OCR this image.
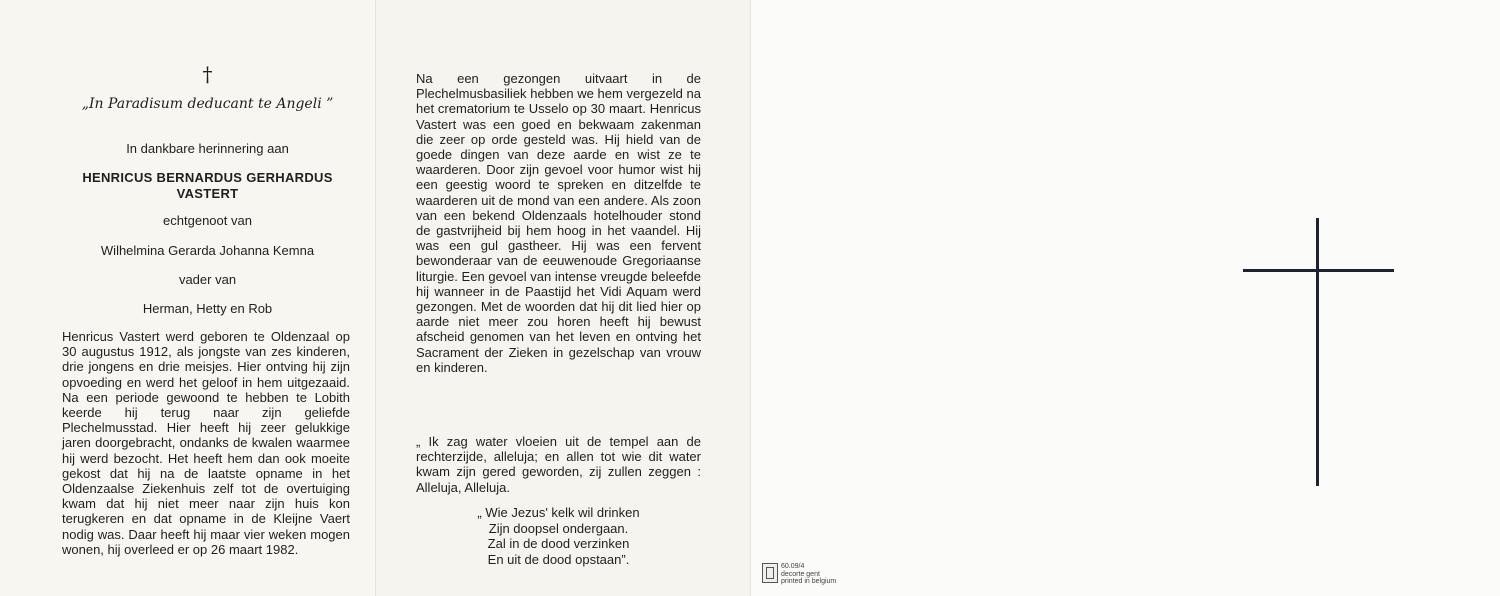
†
„In Paradisum deducant te Angeli ”
In dankbare herinnering aan
HENRICUS BERNARDUS GERHARDUS
VASTERT
echtgenoot van
Wilhelmina Gerarda Johanna Kemna
vader van
Herman, Hetty en Rob

Henricus Vastert werd geboren te Oldenzaal op 30 augustus 1912, als jongste van zes kinderen, drie jongens en drie meisjes. Hier ontving hij zijn opvoeding en werd het geloof in hem uitgezaaid. Na een periode gewoond te hebben te Lobith keerde hij terug naar zijn geliefde Plechelmusstad. Hier heeft hij zeer gelukkige jaren doorgebracht, ondanks de kwalen waarmee hij werd bezocht. Het heeft hem dan ook moeite gekost dat hij na de laatste opname in het Oldenzaalse Ziekenhuis zelf tot de overtuiging kwam dat hij niet meer naar zijn huis kon terugkeren en dat opname in de Kleijne Vaert nodig was. Daar heeft hij maar vier weken mogen wonen, hij overleed er op 26 maart 1982.

Na een gezongen uitvaart in de Plechelmusbasiliek hebben we hem vergezeld na het crematorium te Usselo op 30 maart. Henricus Vastert was een goed en bekwaam zakenman die zeer op orde gesteld was. Hij hield van de goede dingen van deze aarde en wist ze te waarderen. Door zijn gevoel voor humor wist hij een geestig woord te spreken en ditzelfde te waarderen uit de mond van een andere. Als zoon van een bekend Oldenzaals hotelhouder stond de gastvrijheid bij hem hoog in het vaandel. Hij was een gul gastheer. Hij was een fervent bewonderaar van de eeuwenoude Gregoriaanse liturgie. Een gevoel van intense vreugde beleefde hij wanneer in de Paastijd het Vidi Aquam werd gezongen. Met de woorden dat hij dit lied hier op aarde niet meer zou horen heeft hij bewust afscheid genomen van het leven en ontving het Sacrament der Zieken in gezelschap van vrouw en kinderen.

„ Ik zag water vloeien uit de tempel aan de rechterzijde, alleluja; en allen tot wie dit water kwam zijn gered geworden, zij zullen zeggen : Alleluja, Alleluja.

„ Wie Jezus' kelk wil drinken
Zijn doopsel ondergaan.
Zal in de dood verzinken
En uit de dood opstaan”.	60.09/4
decorte gent
printed in belgium
